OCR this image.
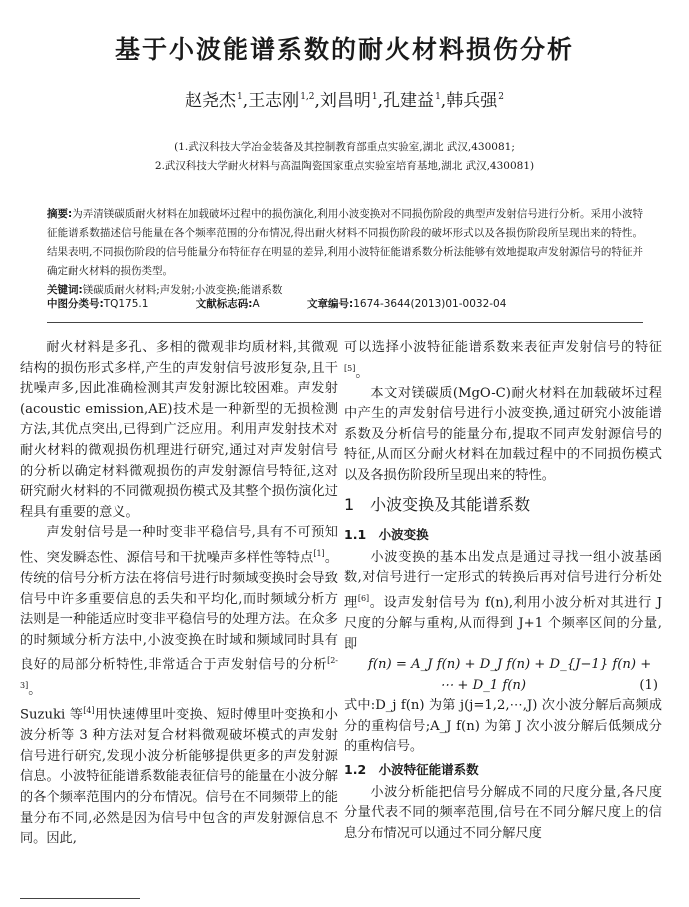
基于小波能谱系数的耐火材料损伤分析
赵尧杰$^1$,王志刚$^{1,2}$,刘昌明$^1$,孔建益$^1$,韩兵强$^2$
(1.武汉科技大学冶金装备及其控制教育部重点实验室,湖北 武汉,430081;
2.武汉科技大学耐火材料与高温陶瓷国家重点实验室培育基地,湖北 武汉,430081)
摘要:为弄清镁碳质耐火材料在加载破坏过程中的损伤演化,利用小波变换对不同损伤阶段的典型声发射信号进行分析。采用小波特征能谱系数描述信号能量在各个频率范围的分布情况,得出耐火材料不同损伤阶段的破坏形式以及各损伤阶段所呈现出来的特性。结果表明,不同损伤阶段的信号能量分布特征存在明显的差异,利用小波特征能谱系数分析法能够有效地提取声发射源信号的特征并确定耐火材料的损伤类型。
关键词:镁碳质耐火材料;声发射;小波变换;能谱系数
中图分类号:TQ175.1	文献标志码:A	文章编号:1674-3644(2013)01-0032-04

耐火材料是多孔、多相的微观非均质材料,其微观结构的损伤形式多样,产生的声发射信号波形复杂,且干扰噪声多,因此准确检测其声发射源比较困难。声发射(acoustic emission,AE)技术是一种新型的无损检测方法,其优点突出,已得到广泛应用。利用声发射技术对耐火材料的微观损伤机理进行研究,通过对声发射信号的分析以确定材料微观损伤的声发射源信号特征,这对研究耐火材料的不同微观损伤模式及其整个损伤演化过程具有重要的意义。

声发射信号是一种时变非平稳信号,具有不可预知性、突发瞬态性、源信号和干扰噪声多样性等特点[1]。传统的信号分析方法在将信号进行时频域变换时会导致信号中许多重要信息的丢失和平均化,而时频域分析方法则是一种能适应时变非平稳信号的处理方法。在众多的时频域分析方法中,小波变换在时域和频域同时具有良好的局部分析特性,非常适合于声发射信号的分析[2-3]。

Suzuki 等[4]用快速傅里叶变换、短时傅里叶变换和小波分析等 3 种方法对复合材料微观破坏模式的声发射信号进行研究,发现小波分析能够提供更多的声发射源信息。小波特征能谱系数能表征信号的能量在小波分解的各个频率范围内的分布情况。信号在不同频带上的能量分布不同,必然是因为信号中包含的声发射源信息不同。因此,

可以选择小波特征能谱系数来表征声发射信号的特征[5]。

本文对镁碳质(MgO-C)耐火材料在加载破坏过程中产生的声发射信号进行小波变换,通过研究小波能谱系数及分析信号的能量分布,提取不同声发射源信号的特征,从而区分耐火材料在加载过程中的不同损伤模式以及各损伤阶段所呈现出来的特性。

1　小波变换及其能谱系数

1.1　小波变换

小波变换的基本出发点是通过寻找一组小波基函数,对信号进行一定形式的转换后再对信号进行分析处理[6]。设声发射信号为 f(n),利用小波分析对其进行 J 尺度的分解与重构,从而得到 J+1 个频率区间的分量,即

f(n) = A_J f(n) + D_J f(n) + D_{J−1} f(n) +
⋯ + D_1 f(n)	(1)

式中:D_j f(n) 为第 j(j=1,2,⋯,J) 次小波分解后高频成分的重构信号;A_J f(n) 为第 J 次小波分解后低频成分的重构信号。

1.2　小波特征能谱系数

小波分析能把信号分解成不同的尺度分量,各尺度分量代表不同的频率范围,信号在不同分解尺度上的信息分布情况可以通过不同分解尺度
